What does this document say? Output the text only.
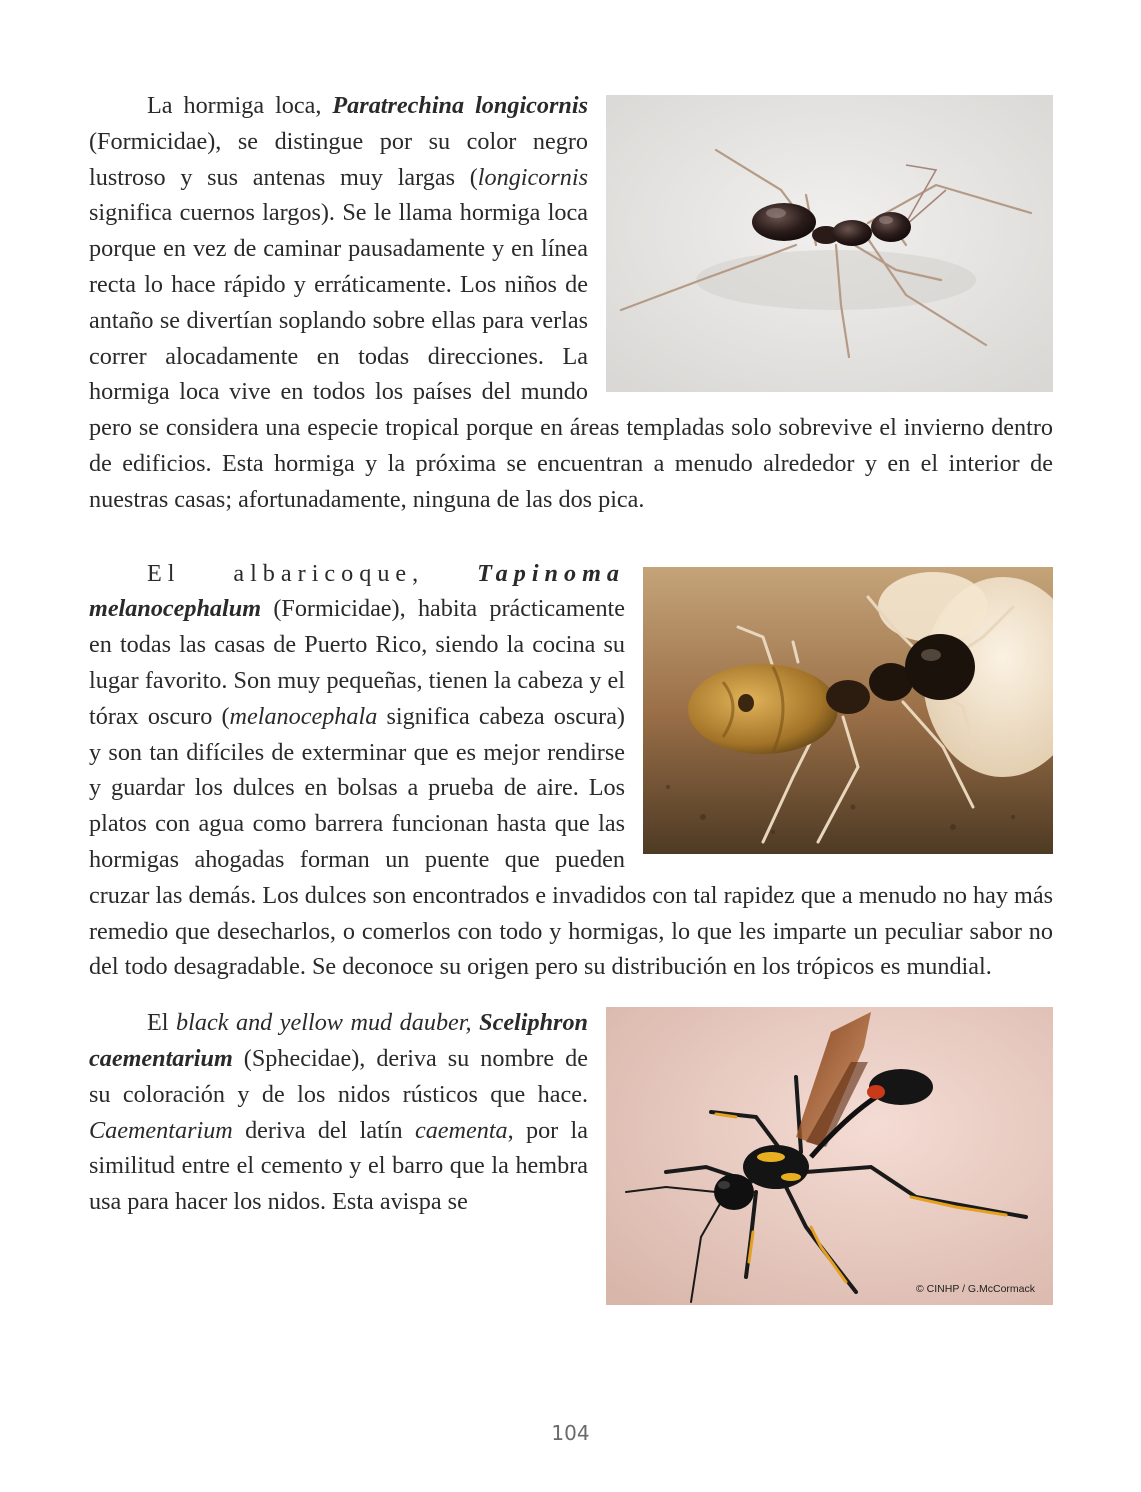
La hormiga loca, Paratrechina longicornis (Formicidae), se distingue por su color negro lustroso y sus antenas muy largas (longicornis significa cuernos largos). Se le llama hormiga loca porque en vez de caminar pausadamente y en línea recta lo hace rápido y erráticamente. Los niños de antaño se divertían soplando sobre ellas para verlas correr alocadamente en todas direcciones. La hormiga loca vive en todos los países del mundo pero se considera una especie tropical porque en áreas templadas solo sobrevive el invierno dentro de edificios. Esta hormiga y la próxima se encuentran a menudo alrededor y en el interior de nuestras casas; afortunadamente, ninguna de las dos pica.

El albaricoque, Tapinoma melanocephalum (Formicidae), habita prácticamente en todas las casas de Puerto Rico, siendo la cocina su lugar favorito. Son muy pequeñas, tienen la cabeza y el tórax oscuro (melanocephala significa cabeza oscura) y son tan difíciles de exterminar que es mejor rendirse y guardar los dulces en bolsas a prueba de aire. Los platos con agua como barrera funcionan hasta que las hormigas ahogadas forman un puente que pueden cruzar las demás. Los dulces son encontrados e invadidos con tal rapidez que a menudo no hay más remedio que desecharlos, o comerlos con todo y hormigas, lo que les imparte un peculiar sabor no del todo desagradable. Se deconoce su origen pero su distribución en los trópicos es mundial.

© CINHP / G.McCormack

El black and yellow mud dauber, Sceliphron caementarium (Sphecidae), deriva su nombre de su coloración y de los nidos rústicos que hace. Caementarium deriva del latín caementa, por la similitud entre el cemento y el barro que la hembra usa para hacer los nidos. Esta avispa se

104
